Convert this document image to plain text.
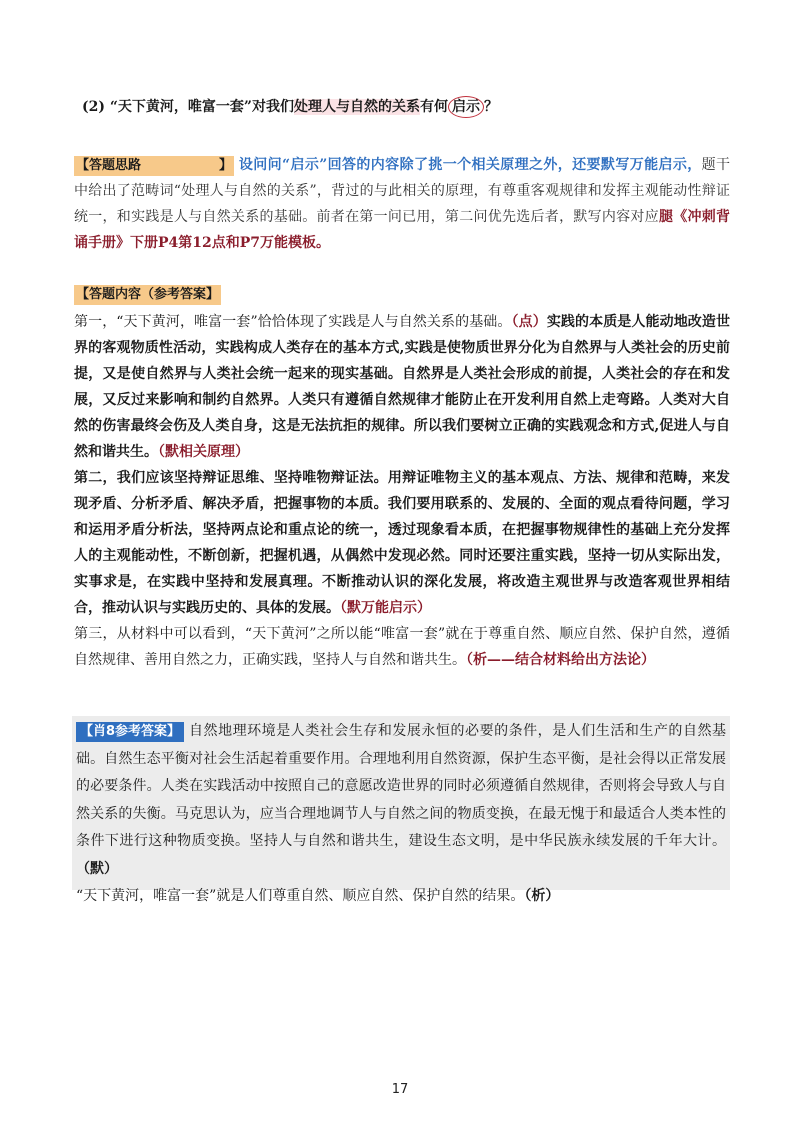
(2) “天下黄河，唯富一套”对我们处理人与自然的关系有何 启示 ？
【答题思路　　　　　　】 设问问“启示”回答的内容除了挑一个相关原理之外，还要默写万能启示，题干中给出了范畴词“处理人与自然的关系”，背过的与此相关的原理，有尊重客观规律和发挥主观能动性辩证统一，和实践是人与自然关系的基础。前者在第一问已用，第二问优先选后者，默写内容对应腿《冲刺背诵手册》下册P4第12点和P7万能模板。
【答题内容（参考答案】

第一，“天下黄河，唯富一套”恰恰体现了实践是人与自然关系的基础。（点）实践的本质是人能动地改造世界的客观物质性活动，实践构成人类存在的基本方式,实践是使物质世界分化为自然界与人类社会的历史前提，又是使自然界与人类社会统一起来的现实基础。自然界是人类社会形成的前提，人类社会的存在和发展，又反过来影响和制约自然界。人类只有遵循自然规律才能防止在开发利用自然上走弯路。人类对大自然的伤害最终会伤及人类自身，这是无法抗拒的规律。所以我们要树立正确的实践观念和方式,促进人与自然和谐共生。（默相关原理）

第二，我们应该坚持辩证思维、坚持唯物辩证法。用辩证唯物主义的基本观点、方法、规律和范畴，来发现矛盾、分析矛盾、解决矛盾，把握事物的本质。我们要用联系的、发展的、全面的观点看待问题，学习和运用矛盾分析法，坚持两点论和重点论的统一，透过现象看本质，在把握事物规律性的基础上充分发挥人的主观能动性，不断创新，把握机遇，从偶然中发现必然。同时还要注重实践，坚持一切从实际出发，实事求是，在实践中坚持和发展真理。不断推动认识的深化发展，将改造主观世界与改造客观世界相结合，推动认识与实践历史的、具体的发展。（默万能启示）

第三，从材料中可以看到，“天下黄河”之所以能“唯富一套”就在于尊重自然、顺应自然、保护自然，遵循自然规律、善用自然之力，正确实践，坚持人与自然和谐共生。（析——结合材料给出方法论）

【肖8参考答案】 自然地理环境是人类社会生存和发展永恒的必要的条件，是人们生活和生产的自然基础。自然生态平衡对社会生活起着重要作用。合理地利用自然资源，保护生态平衡，是社会得以正常发展的必要条件。人类在实践活动中按照自己的意愿改造世界的同时必须遵循自然规律，否则将会导致人与自然关系的失衡。马克思认为，应当合理地调节人与自然之间的物质变换，在最无愧于和最适合人类本性的条件下进行这种物质变换。坚持人与自然和谐共生，建设生态文明，是中华民族永续发展的千年大计。（默）
“天下黄河，唯富一套”就是人们尊重自然、顺应自然、保护自然的结果。（析）
17
